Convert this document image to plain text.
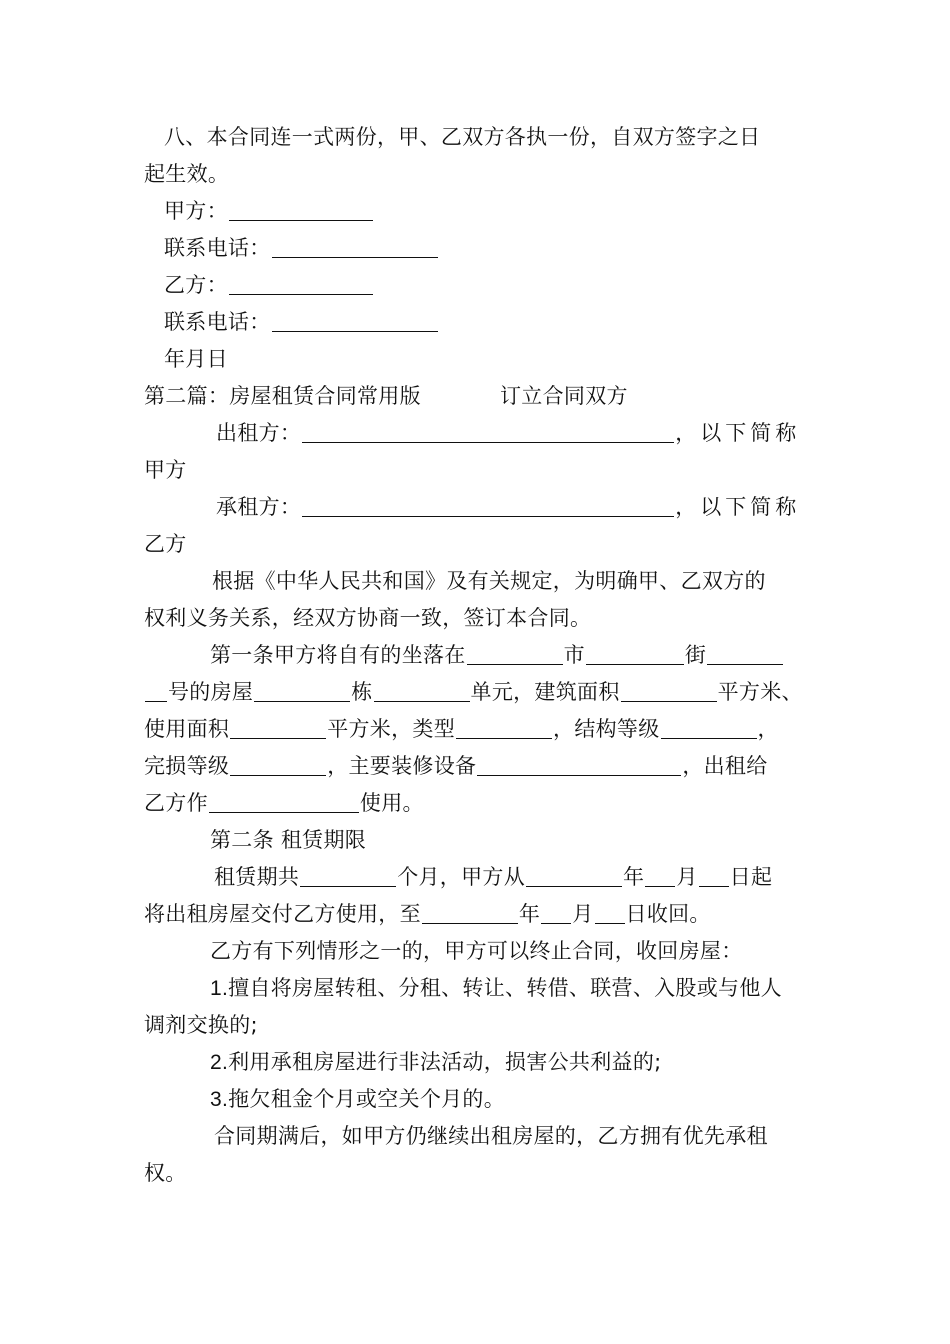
八、本合同连一式两份，甲、乙双方各执一份，自双方签字之日
起生效。
甲方：
联系电话：
乙方：
联系电话：
年月日
第二篇：房屋租赁合同常用版	订立合同双方
出租方：	，以下简称
甲方
承租方：	，以下简称
乙方
根据《中华人民共和国》及有关规定，为明确甲、乙双方的
权利义务关系，经双方协商一致，签订本合同。
第一条甲方将自有的坐落在	市	街
号的房屋	栋	单元，建筑面积	平方米、
使用面积	平方米，类型	，结构等级	，
完损等级	，主要装修设备	，出租给
乙方作	使用。
第二条 租赁期限
租赁期共	个月，甲方从	年 月 日起
将出租房屋交付乙方使用，至	年 月 日收回。
乙方有下列情形之一的，甲方可以终止合同，收回房屋：
1.擅自将房屋转租、分租、转让、转借、联营、入股或与他人
调剂交换的;
2.利用承租房屋进行非法活动，损害公共利益的;
3.拖欠租金个月或空关个月的。
合同期满后，如甲方仍继续出租房屋的，乙方拥有优先承租
权。
